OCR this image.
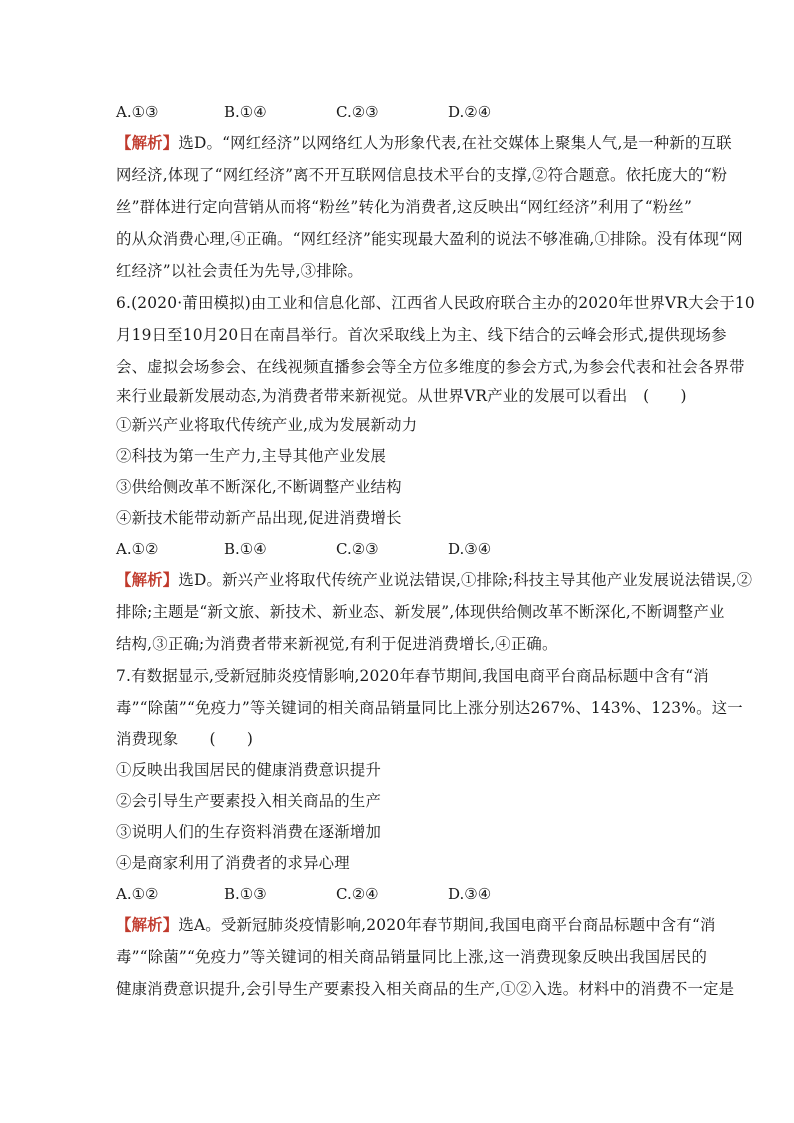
A.①③	B.①④	C.②③	D.②④
【解析】选D。“网红经济”以网络红人为形象代表,在社交媒体上聚集人气,是一种新的互联
网经济,体现了“网红经济”离不开互联网信息技术平台的支撑,②符合题意。依托庞大的“粉
丝”群体进行定向营销从而将“粉丝”转化为消费者,这反映出“网红经济”利用了“粉丝”
的从众消费心理,④正确。“网红经济”能实现最大盈利的说法不够准确,①排除。没有体现“网
红经济”以社会责任为先导,③排除。
6.(2020·莆田模拟)由工业和信息化部、江西省人民政府联合主办的2020年世界VR大会于10
月19日至10月20日在南昌举行。首次采取线上为主、线下结合的云峰会形式,提供现场参
会、虚拟会场参会、在线视频直播参会等全方位多维度的参会方式,为参会代表和社会各界带
来行业最新发展动态,为消费者带来新视觉。从世界VR产业的发展可以看出　(　　)
①新兴产业将取代传统产业,成为发展新动力
②科技为第一生产力,主导其他产业发展
③供给侧改革不断深化,不断调整产业结构
④新技术能带动新产品出现,促进消费增长
A.①②	B.①④	C.②③	D.③④
【解析】选D。新兴产业将取代传统产业说法错误,①排除;科技主导其他产业发展说法错误,②
排除;主题是“新文旅、新技术、新业态、新发展”,体现供给侧改革不断深化,不断调整产业
结构,③正确;为消费者带来新视觉,有利于促进消费增长,④正确。
7.有数据显示,受新冠肺炎疫情影响,2020年春节期间,我国电商平台商品标题中含有“消
毒”“除菌”“免疫力”等关键词的相关商品销量同比上涨分别达267%、143%、123%。这一
消费现象　　(　　)
①反映出我国居民的健康消费意识提升
②会引导生产要素投入相关商品的生产
③说明人们的生存资料消费在逐渐增加
④是商家利用了消费者的求异心理
A.①②	B.①③	C.②④	D.③④
【解析】选A。受新冠肺炎疫情影响,2020年春节期间,我国电商平台商品标题中含有“消
毒”“除菌”“免疫力”等关键词的相关商品销量同比上涨,这一消费现象反映出我国居民的
健康消费意识提升,会引导生产要素投入相关商品的生产,①②入选。材料中的消费不一定是
